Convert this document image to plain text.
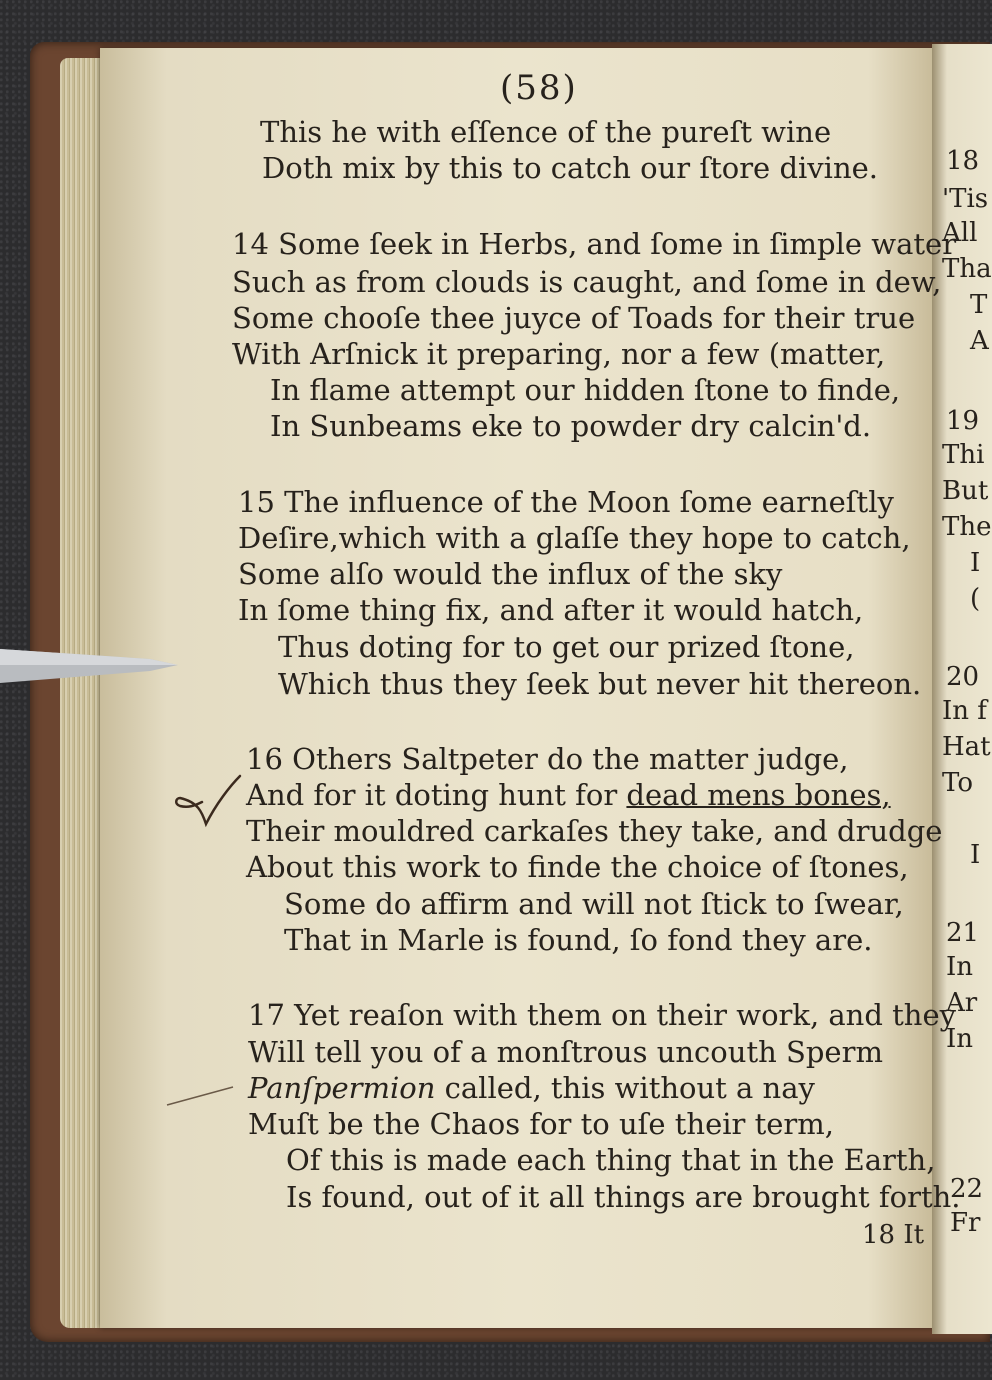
(58)
This he with eſſence of the pureſt wine
Doth mix by this to catch our ſtore divine.
14 Some ſeek in Herbs, and ſome in ſimple water
Such as from clouds is caught, and ſome in dew,
Some chooſe thee juyce of Toads for their true
With Arſnick it preparing, nor a few (matter,
In flame attempt our hidden ſtone to finde,
In Sunbeams eke to powder dry calcin'd.
15 The influence of the Moon ſome earneſtly
Deſire,which with a glaſſe they hope to catch,
Some alſo would the influx of the sky
In ſome thing fix, and after it would hatch,
Thus doting for to get our prized ſtone,
Which thus they ſeek but never hit thereon.
16 Others Saltpeter do the matter judge,
And for it doting hunt for dead mens bones,
Their mouldred carkaſes they take, and drudge
About this work to finde the choice of ſtones,
Some do affirm and will not ſtick to ſwear,
That in Marle is found, ſo fond they are.
17 Yet reaſon with them on their work, and they
Will tell you of a monſtrous uncouth Sperm
Panſpermion called, this without a nay
Muſt be the Chaos for to uſe their term,
Of this is made each thing that in the Earth,
Is found, out of it all things are brought forth.
18 It
18
'Tis
All
Tha
T
A
19
Thi
But
The
I
(
20
In f
Hat
To
I
21
In
Ar
In
22
Fr
